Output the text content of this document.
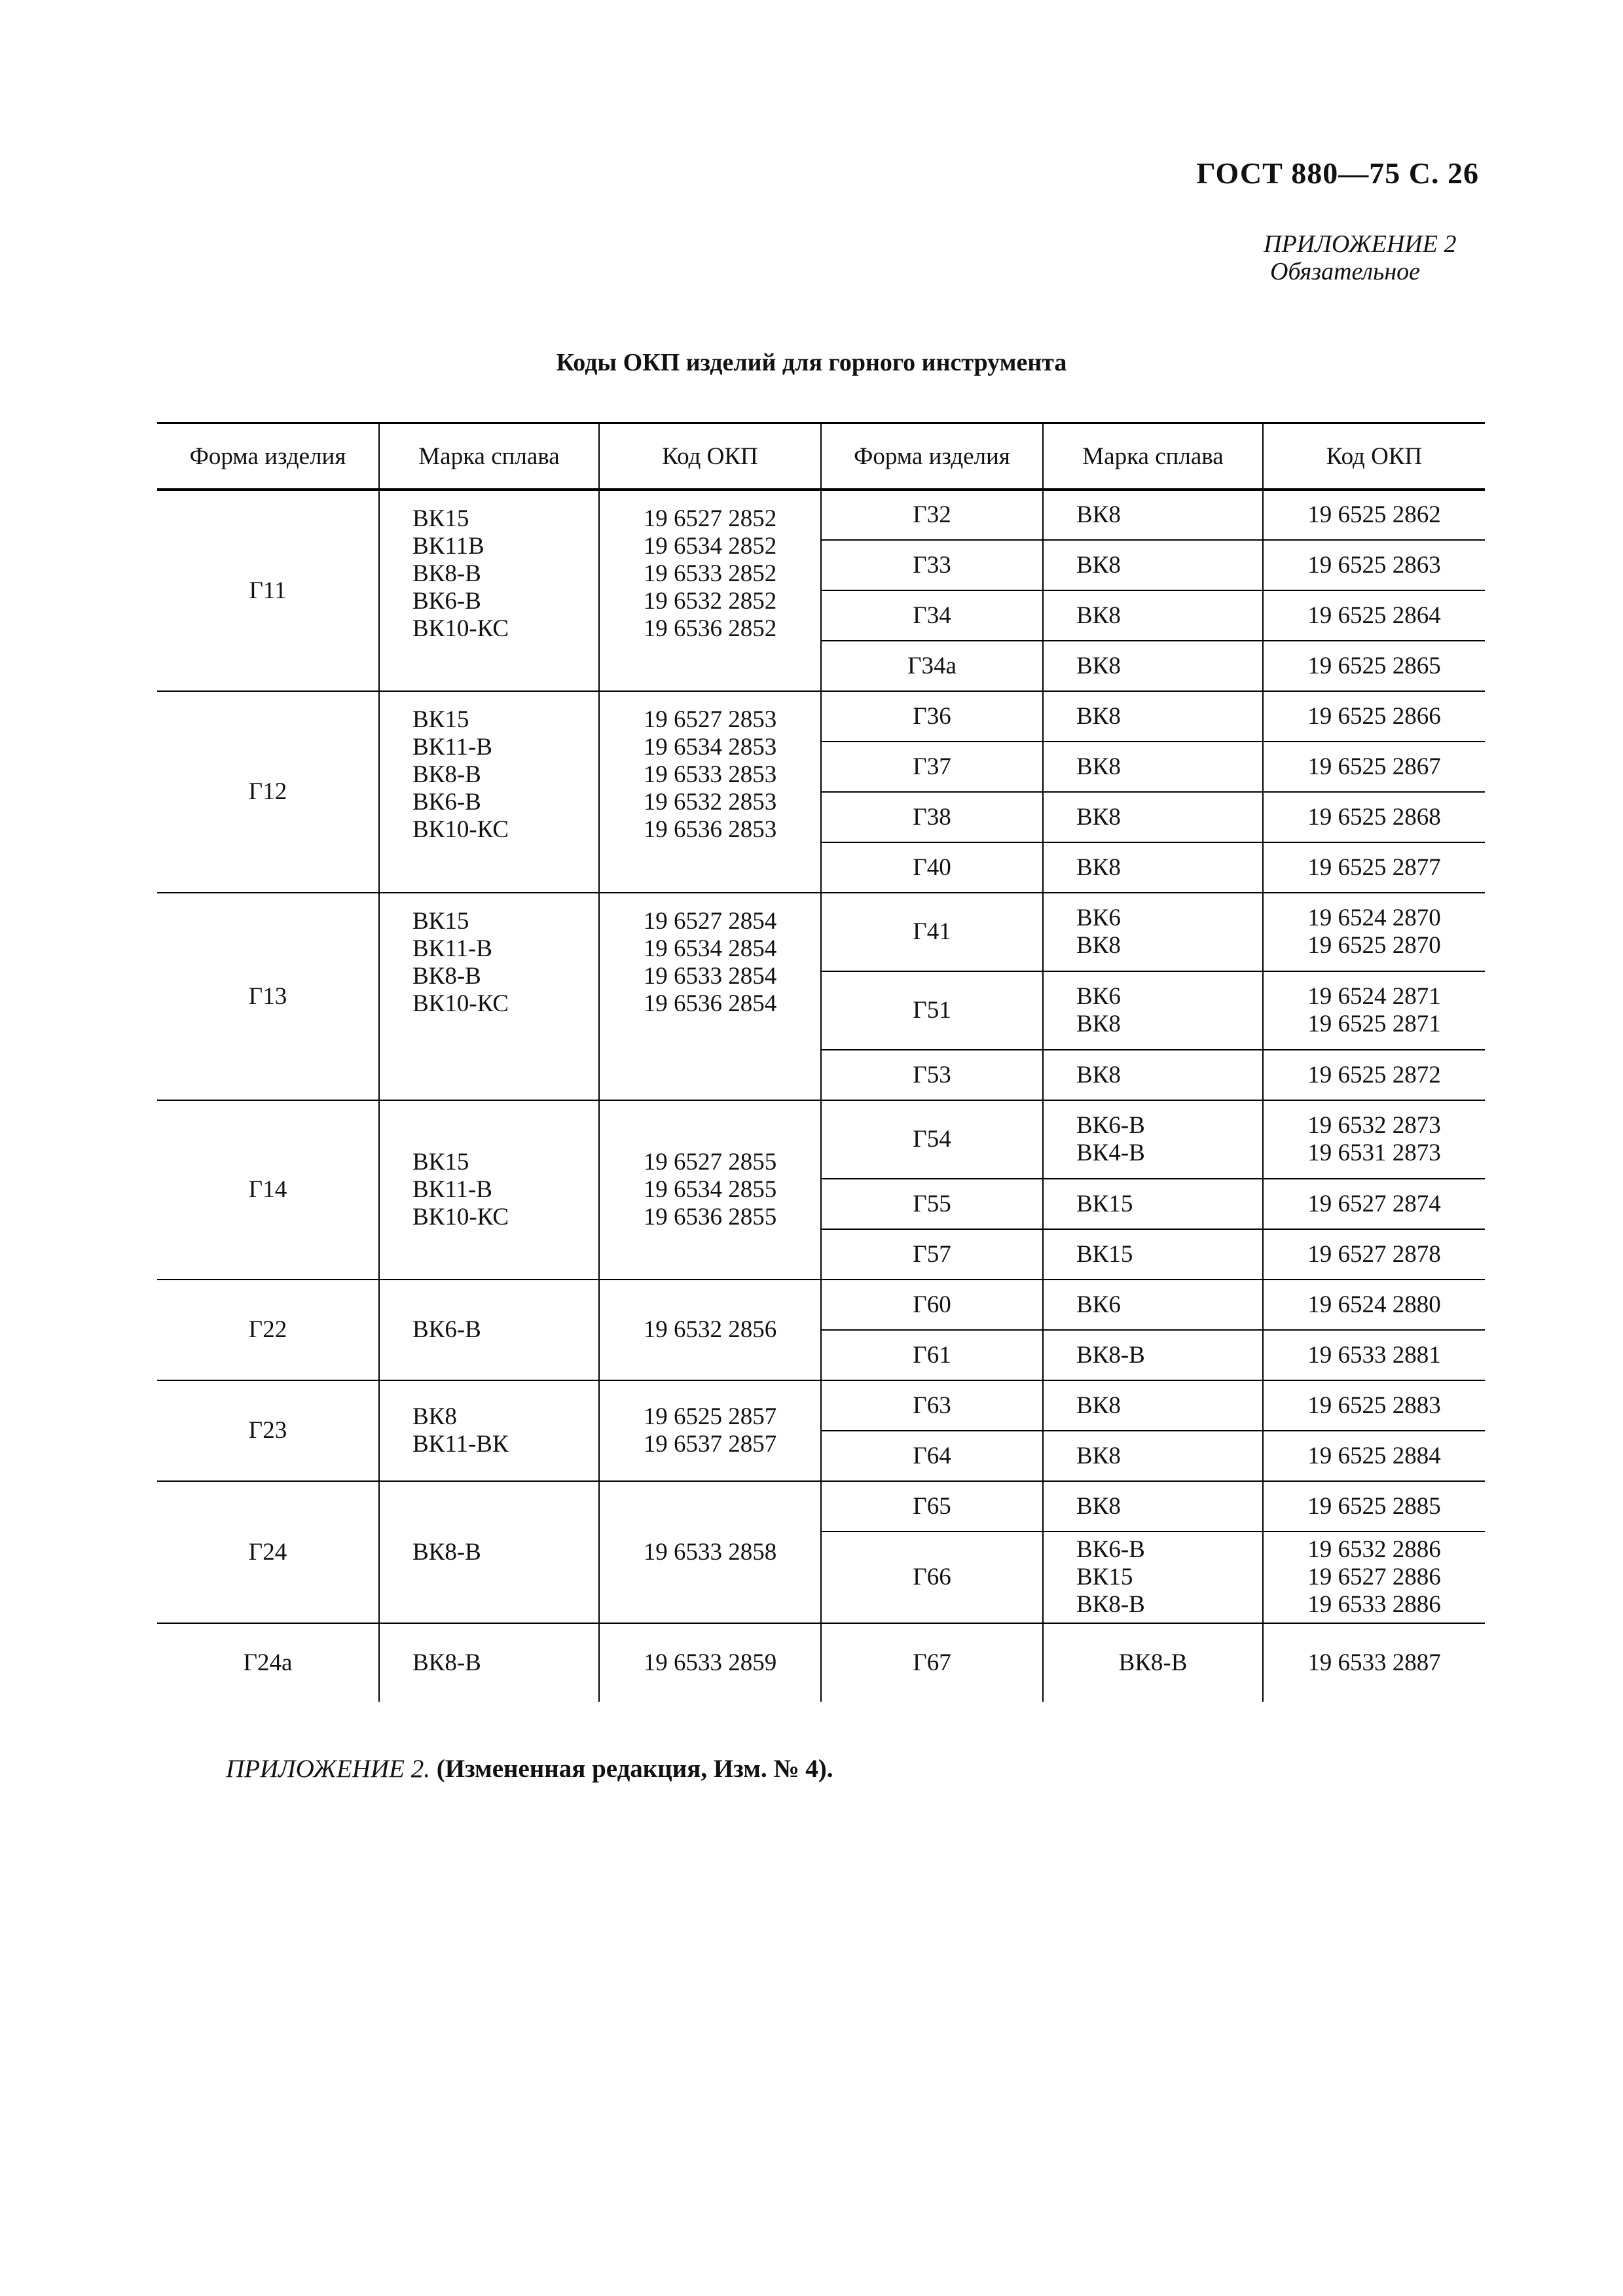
ГОСТ 880—75 С. 26
ПРИЛОЖЕНИЕ 2
Обязательное
Коды ОКП изделий для горного инструмента
Форма изделия	Марка сплава	Код ОКП	Форма изделия	Марка сплава	Код ОКП
Г11	ВК15
ВК11В
ВК8-В
ВК6-В
ВК10-КС	19 6527 2852
19 6534 2852
19 6533 2852
19 6532 2852
19 6536 2852	Г32	ВК8	19 6525 2862

			Г33	ВК8	19 6525 2863

			Г34	ВК8	19 6525 2864

			Г34а	ВК8	19 6525 2865

Г12	ВК15
ВК11-В
ВК8-В
ВК6-В
ВК10-КС	19 6527 2853
19 6534 2853
19 6533 2853
19 6532 2853
19 6536 2853	Г36	ВК8	19 6525 2866

			Г37	ВК8	19 6525 2867

			Г38	ВК8	19 6525 2868

			Г40	ВК8	19 6525 2877

Г13	ВК15
ВК11-В
ВК8-В
ВК10-КС	19 6527 2854
19 6534 2854
19 6533 2854
19 6536 2854	Г41	ВК6
ВК8	19 6524 2870
19 6525 2870

			Г51	ВК6
ВК8	19 6524 2871
19 6525 2871

			Г53	ВК8	19 6525 2872

Г14	ВК15
ВК11-В
ВК10-КС	19 6527 2855
19 6534 2855
19 6536 2855	Г54	ВК6-В
ВК4-В	19 6532 2873
19 6531 2873

			Г55	ВК15	19 6527 2874

			Г57	ВК15	19 6527 2878

Г22	ВК6-В	19 6532 2856	Г60	ВК6	19 6524 2880

			Г61	ВК8-В	19 6533 2881

Г23	ВК8
ВК11-ВК	19 6525 2857
19 6537 2857	Г63	ВК8	19 6525 2883

			Г64	ВК8	19 6525 2884

Г24	ВК8-В	19 6533 2858	Г65	ВК8	19 6525 2885

			Г66	ВК6-В
ВК15
ВК8-В	19 6532 2886
19 6527 2886
19 6533 2886

Г24а	ВК8-В	19 6533 2859	Г67	ВК8-В	19 6533 2887
ПРИЛОЖЕНИЕ 2. (Измененная редакция, Изм. № 4).
